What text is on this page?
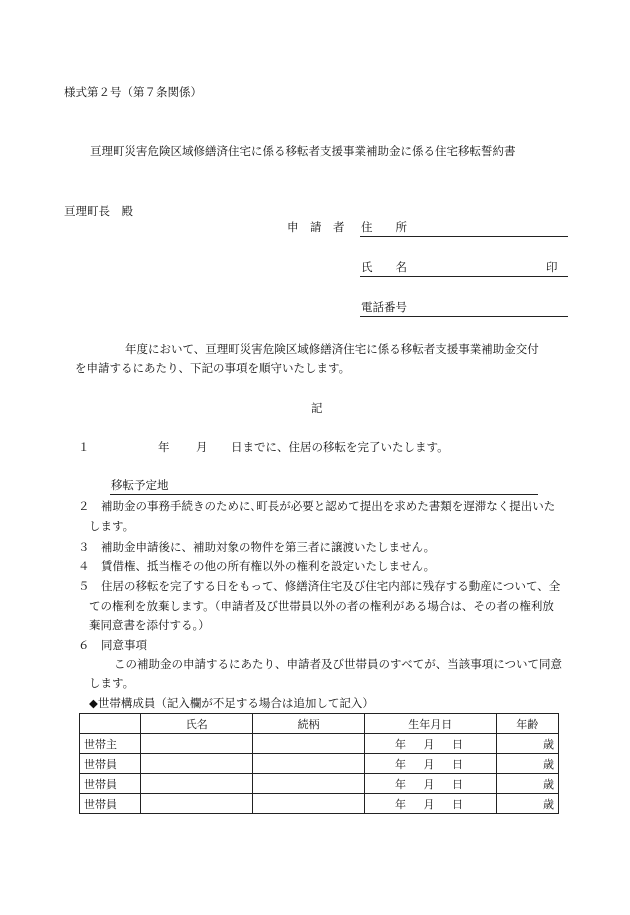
様式第２号（第７条関係）
亘理町災害危険区域修繕済住宅に係る移転者支援事業補助金に係る住宅移転誓約書
亘理町長　殿
申　請　者 住　　所
氏　　名	印
電話番号
年度において、亘理町災害危険区域修繕済住宅に係る移転者支援事業補助金交付
を申請するにあたり、下記の事項を順守いたします。
記
１	年 月 日までに、住居の移転を完了いたします。
移転予定地
２　補助金の事務手続きのために､町長が必要と認めて提出を求めた書類を遅滞なく提出いた
します。
３　補助金申請後に、補助対象の物件を第三者に譲渡いたしません。
４　賃借権、抵当権その他の所有権以外の権利を設定いたしません。
５　住居の移転を完了する日をもって、修繕済住宅及び住宅内部に残存する動産について、全
ての権利を放棄します。（申請者及び世帯員以外の者の権利がある場合は、その者の権利放
棄同意書を添付する。）
６　同意事項
この補助金の申請するにあたり、申請者及び世帯員のすべてが、当該事項について同意
します。
◆世帯構成員（記入欄が不足する場合は追加して記入）
	氏名	続柄	生年月日	年齢
世帯主			年 月 日	歳
世帯員			年 月 日	歳
世帯員			年 月 日	歳
世帯員			年 月 日	歳
